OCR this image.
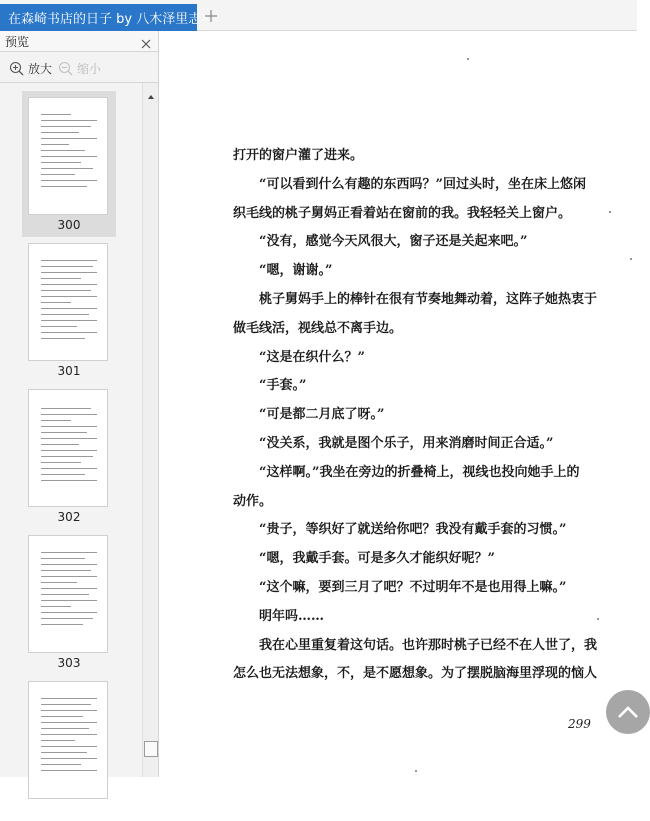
在森崎书店的日子 by 八木泽里志
预览
放大 缩小
300
301
302
303
打开的窗户灌了进来。
“可以看到什么有趣的东西吗？”回过头时，坐在床上悠闲
织毛线的桃子舅妈正看着站在窗前的我。我轻轻关上窗户。
“没有，感觉今天风很大，窗子还是关起来吧。”
“嗯，谢谢。”
桃子舅妈手上的棒针在很有节奏地舞动着，这阵子她热衷于
做毛线活，视线总不离手边。
“这是在织什么？”
“手套。”
“可是都二月底了呀。”
“没关系，我就是图个乐子，用来消磨时间正合适。”
“这样啊。”我坐在旁边的折叠椅上，视线也投向她手上的
动作。
“贵子，等织好了就送给你吧？我没有戴手套的习惯。”
“嗯，我戴手套。可是多久才能织好呢？”
“这个嘛，要到三月了吧？不过明年不是也用得上嘛。”
明年吗……
我在心里重复着这句话。也许那时桃子已经不在人世了，我
怎么也无法想象，不，是不愿想象。为了摆脱脑海里浮现的恼人
299
